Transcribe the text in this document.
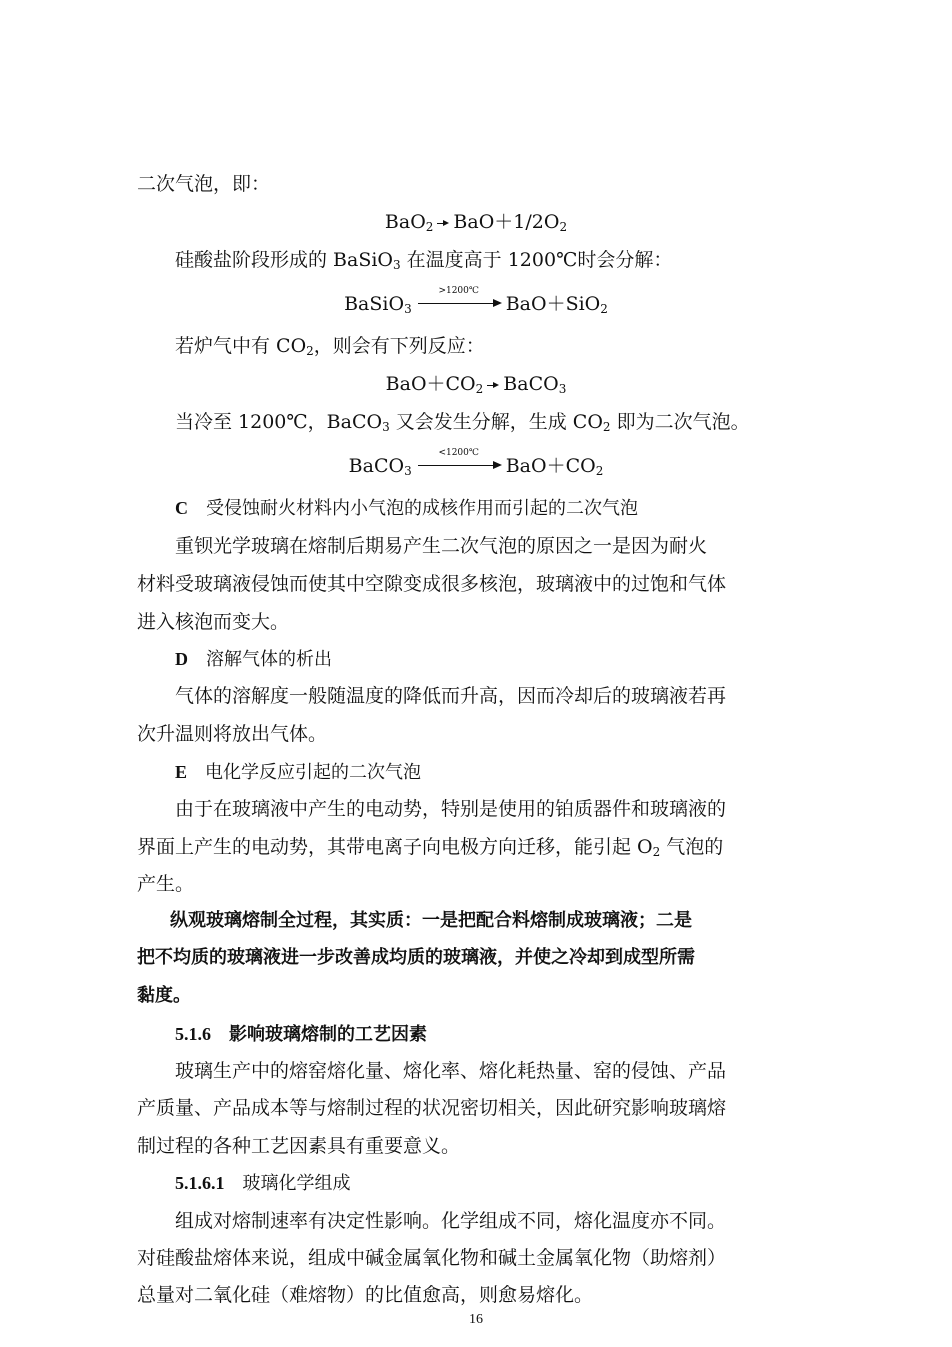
二次气泡，即：
BaO$_2$ $BaO+1/2O_2$
硅酸盐阶段形成的 BaSiO$_3$ 在温度高于 1200℃时会分解：
BaSiO$_3$
>1200℃
BaO＋SiO$_2$
若炉气中有 $CO_2$，则会有下列反应：
$BaO+CO_2$ BaCO$_3$
当冷至 1200℃，BaCO$_3$ 又会发生分解，生成 $CO_2$ 即为二次气泡。
BaCO$_3$
<1200℃
$BaO+CO_2$
C 受侵蚀耐火材料内小气泡的成核作用而引起的二次气泡
重钡光学玻璃在熔制后期易产生二次气泡的原因之一是因为耐火
材料受玻璃液侵蚀而使其中空隙变成很多核泡，玻璃液中的过饱和气体
进入核泡而变大。
D 溶解气体的析出
气体的溶解度一般随温度的降低而升高，因而冷却后的玻璃液若再
次升温则将放出气体。
E 电化学反应引起的二次气泡
由于在玻璃液中产生的电动势，特别是使用的铂质器件和玻璃液的
界面上产生的电动势，其带电离子向电极方向迁移，能引起 $O_2$ 气泡的
产生。
纵观玻璃熔制全过程，其实质：一是把配合料熔制成玻璃液；二是
把不均质的玻璃液进一步改善成均质的玻璃液，并使之冷却到成型所需
黏度。
5.1.6 影响玻璃熔制的工艺因素
玻璃生产中的熔窑熔化量、熔化率、熔化耗热量、窑的侵蚀、产品
产质量、产品成本等与熔制过程的状况密切相关，因此研究影响玻璃熔
制过程的各种工艺因素具有重要意义。
5.1.6.1 玻璃化学组成
组成对熔制速率有决定性影响。化学组成不同，熔化温度亦不同。
对硅酸盐熔体来说，组成中碱金属氧化物和碱土金属氧化物（助熔剂）
总量对二氧化硅（难熔物）的比值愈高，则愈易熔化。
16
